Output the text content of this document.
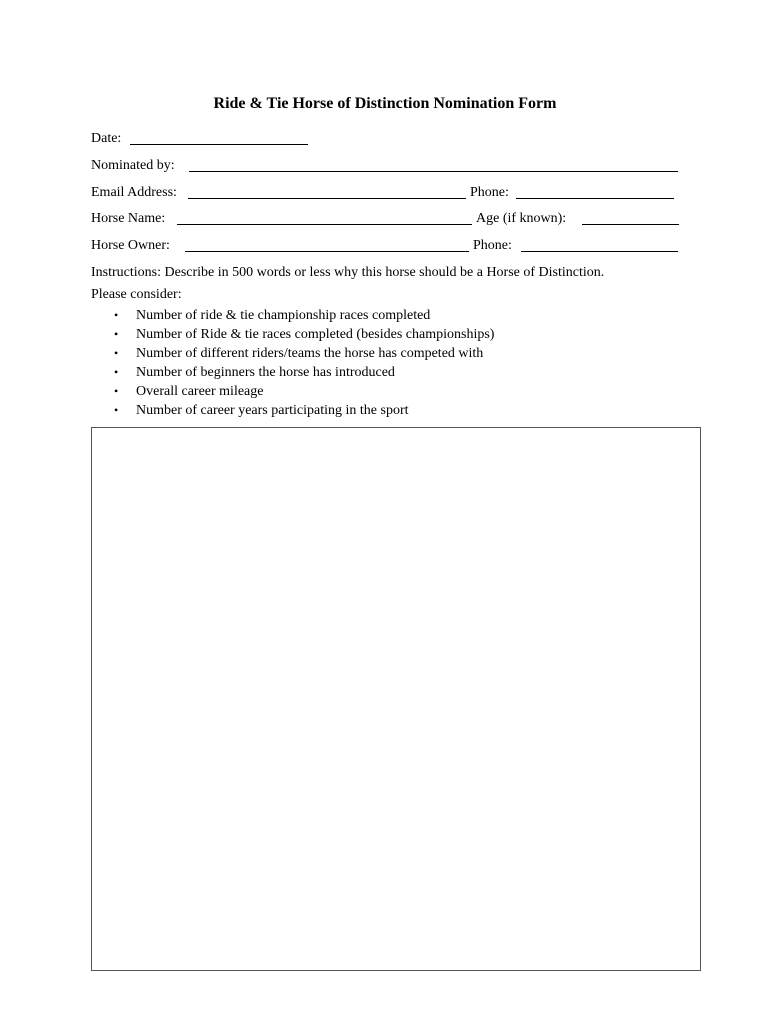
Ride & Tie Horse of Distinction Nomination Form
Date:
Nominated by:
Email Address:	Phone:
Horse Name:	Age (if known):
Horse Owner:	Phone:
Instructions: Describe in 500 words or less why this horse should be a Horse of Distinction.
Please consider:
• Number of ride & tie championship races completed
• Number of Ride & tie races completed (besides championships)
• Number of different riders/teams the horse has competed with
• Number of beginners the horse has introduced
• Overall career mileage
• Number of career years participating in the sport
